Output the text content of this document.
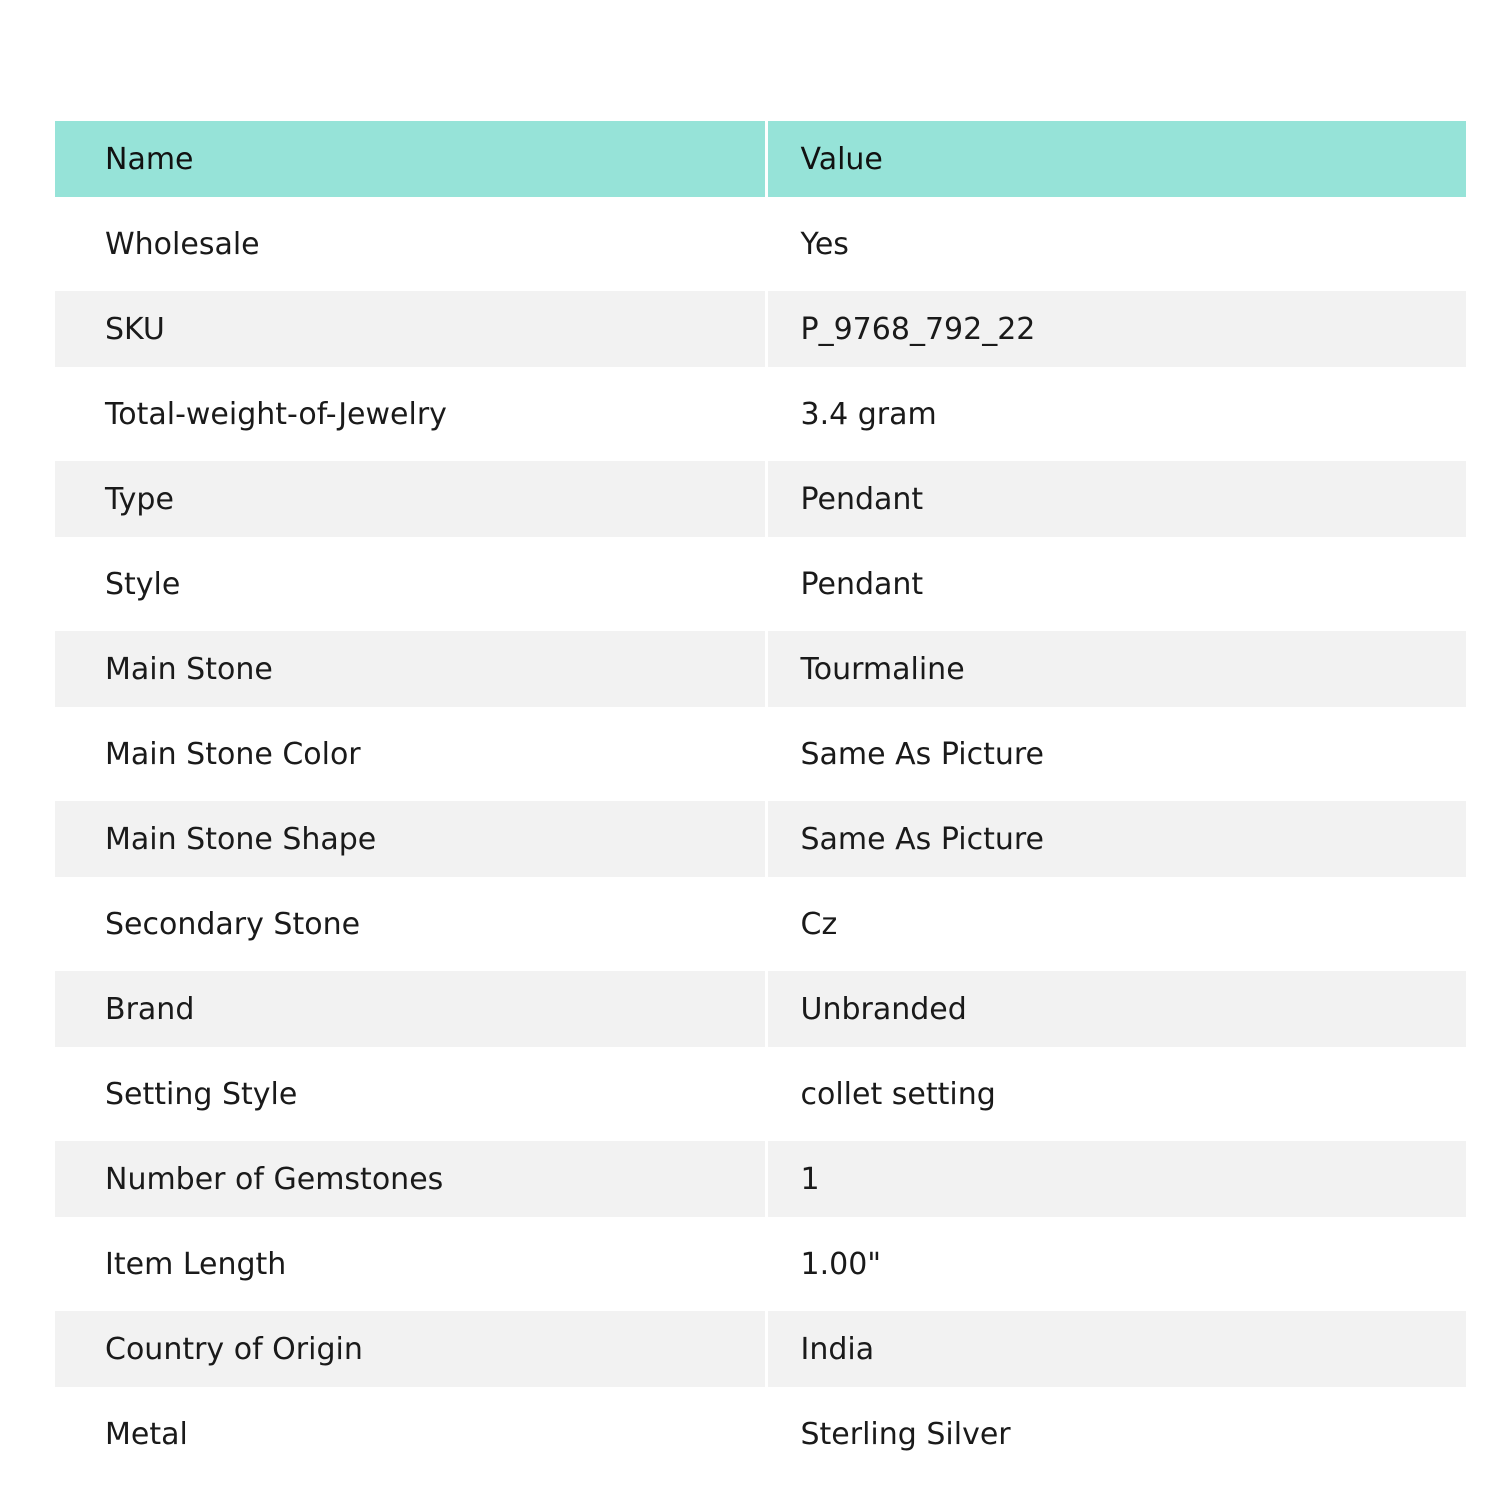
Name	Value
Wholesale	Yes
SKU	P_9768_792_22
Total-weight-of-Jewelry	3.4 gram
Type	Pendant
Style	Pendant
Main Stone	Tourmaline
Main Stone Color	Same As Picture
Main Stone Shape	Same As Picture
Secondary Stone	Cz
Brand	Unbranded
Setting Style	collet setting
Number of Gemstones	1
Item Length	1.00"
Country of Origin	India
Metal	Sterling Silver
